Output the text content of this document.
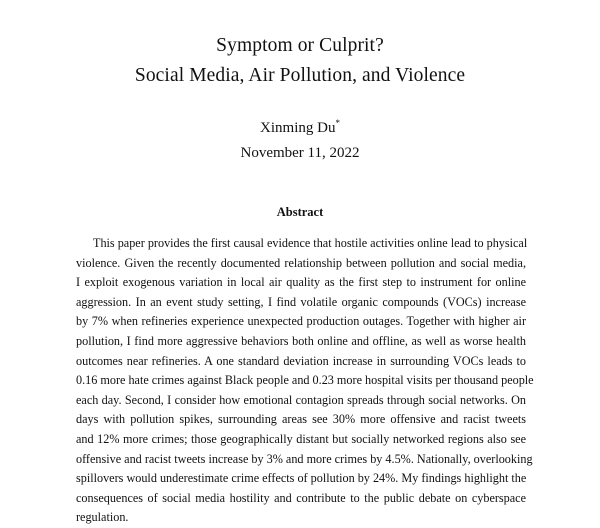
Symptom or Culprit?
Social Media, Air Pollution, and Violence
Xinming Du*
November 11, 2022
Abstract
This paper provides the first causal evidence that hostile activities online lead to physical
violence. Given the recently documented relationship between pollution and social media,
I exploit exogenous variation in local air quality as the first step to instrument for online
aggression. In an event study setting, I find volatile organic compounds (VOCs) increase
by 7% when refineries experience unexpected production outages. Together with higher air
pollution, I find more aggressive behaviors both online and offline, as well as worse health
outcomes near refineries. A one standard deviation increase in surrounding VOCs leads to
0.16 more hate crimes against Black people and 0.23 more hospital visits per thousand people
each day. Second, I consider how emotional contagion spreads through social networks. On
days with pollution spikes, surrounding areas see 30% more offensive and racist tweets
and 12% more crimes; those geographically distant but socially networked regions also see
offensive and racist tweets increase by 3% and more crimes by 4.5%. Nationally, overlooking
spillovers would underestimate crime effects of pollution by 24%. My findings highlight the
consequences of social media hostility and contribute to the public debate on cyberspace
regulation.
